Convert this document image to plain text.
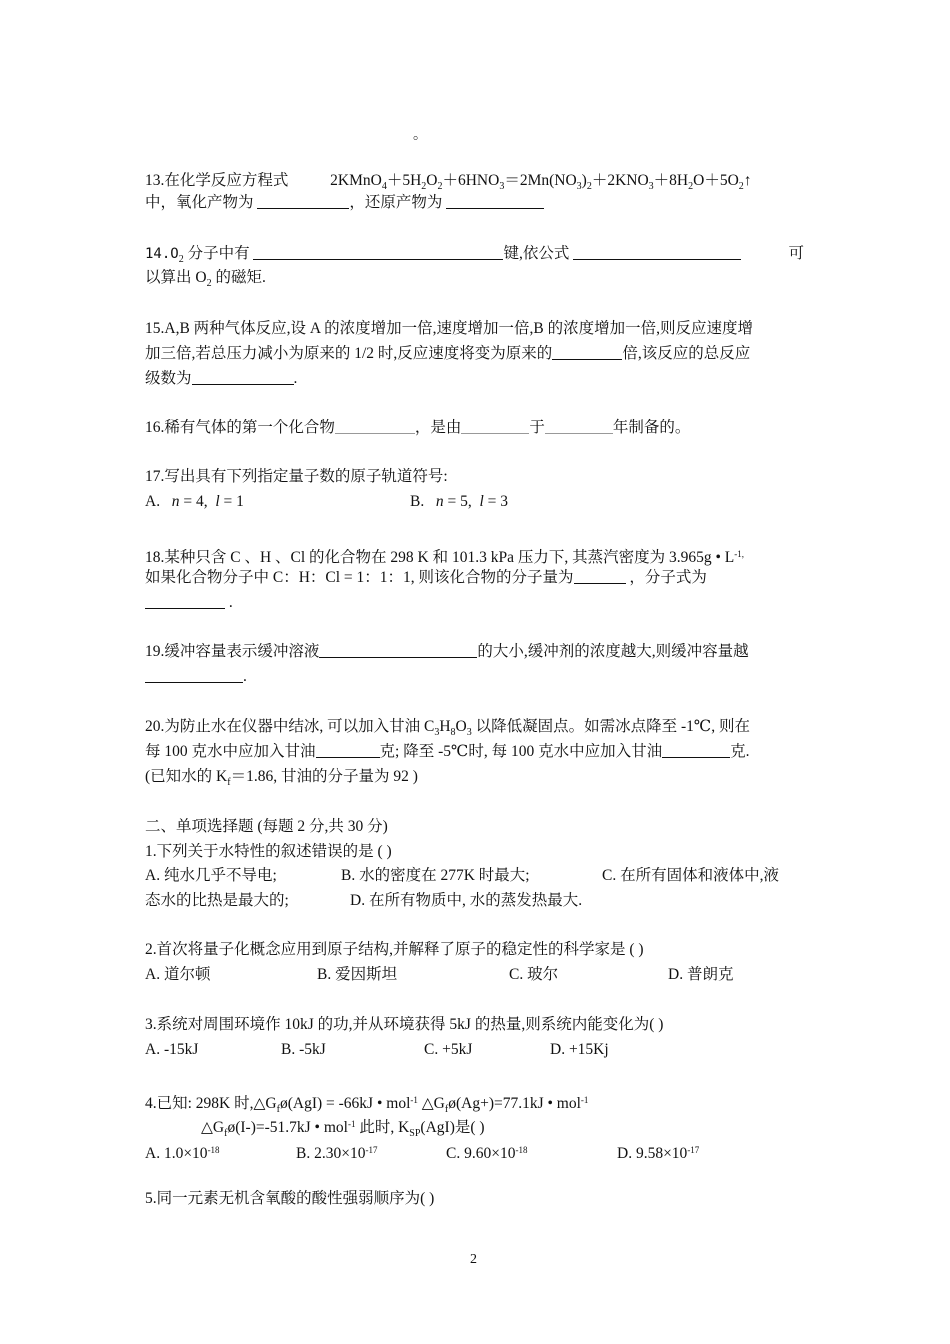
。
13.在化学反应方程式	$2KMnO_4+5H_2O_2+6HNO_3=2Mn(NO_3)_2+2KNO_3+8H_2O+5O_2↑$
中，氧化产物为	，还原产物为
$14.O_2$ 分子中有	键,依公式	可
以算出 $O_2$ 的磁矩.
15.A,B 两种气体反应,设 A 的浓度增加一倍,速度增加一倍,B 的浓度增加一倍,则反应速度增
加三倍,若总压力减小为原来的 1/2 时,反应速度将变为原来的	倍,该反应的总反应
级数为	.
16.稀有气体的第一个化合物	，是由	于	年制备的。
17.写出具有下列指定量子数的原子轨道符号:
A. n = 4,  l = 1	B. n = 5,  l = 3
18.某种只含 C 、H 、Cl 的化合物在 298 K 和 101.3 kPa 压力下, 其蒸汽密度为 3.965g • $L^{-1,}$
如果化合物分子中 C：H：Cl = 1：1：1, 则该化合物的分子量为	，分子式为
.
19.缓冲容量表示缓冲溶液	的大小,缓冲剂的浓度越大,则缓冲容量越
.
20.为防止水在仪器中结冰, 可以加入甘油 $C_3H_8O_3$ 以降低凝固点。如需冰点降至 -1℃, 则在
每 100 克水中应加入甘油	克; 降至 -5℃时, 每 100 克水中应加入甘油	克.
(已知水的 $K_f=1.86$, 甘油的分子量为 92 )
二、单项选择题 (每题 2 分,共 30 分)
1.下列关于水特性的叙述错误的是 ( )
A. 纯水几乎不导电;	B. 水的密度在 277K 时最大;	C. 在所有固体和液体中,液
态水的比热是最大的;	D. 在所有物质中, 水的蒸发热最大.
2.首次将量子化概念应用到原子结构,并解释了原子的稳定性的科学家是 ( )
A. 道尔顿	B. 爱因斯坦	C. 玻尔	D. 普朗克
3.系统对周围环境作 10kJ 的功,并从环境获得 5kJ 的热量,则系统内能变化为( )
A. -15kJ	B. -5kJ	C. +5kJ	D. +15Kj
4.已知: 298K 时$,\triangle G_fø(AgI) = -66kJ$ • mol$^{-1}$ $\triangle G_fø(Ag+)=77.1kJ$ • mol$^{-1}$
$\triangle G_fø(I-)=-51.7kJ$ • mol$^{-1}$ 此时, $K_{SP}(AgI)$是( )
A. $1.0\times 10^{-18}$	B. $2.30\times 10^{-17}$	C. $9.60\times 10^{-18}$	D. $9.58\times 10^{-17}$
5.同一元素无机含氧酸的酸性强弱顺序为( )
2
